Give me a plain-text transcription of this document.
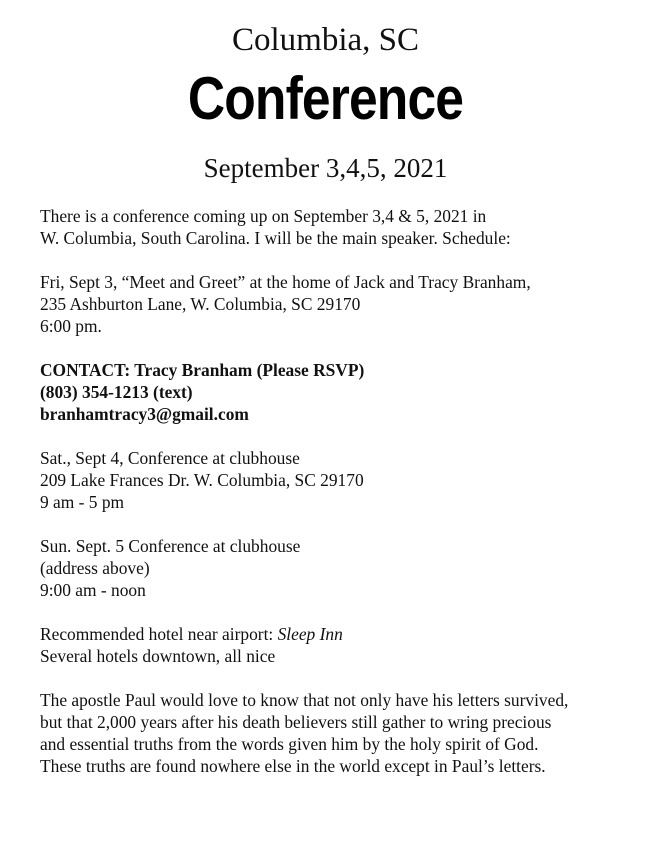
Columbia, SC
Conference
September 3,4,5, 2021
There is a conference coming up on September 3,4 & 5, 2021 in
W. Columbia, South Carolina. I will be the main speaker. Schedule:
Fri, Sept 3, “Meet and Greet” at the home of Jack and Tracy Branham,
235 Ashburton Lane, W. Columbia, SC 29170
6:00 pm.
CONTACT: Tracy Branham (Please RSVP)
(803) 354-1213 (text)
branhamtracy3@gmail.com
Sat., Sept 4, Conference at clubhouse
209 Lake Frances Dr. W. Columbia, SC 29170
9 am - 5 pm
Sun. Sept. 5 Conference at clubhouse
(address above)
9:00 am - noon
Recommended hotel near airport: Sleep Inn
Several hotels downtown, all nice
The apostle Paul would love to know that not only have his letters survived,
but that 2,000 years after his death believers still gather to wring precious
and essential truths from the words given him by the holy spirit of God.
These truths are found nowhere else in the world except in Paul’s letters.
